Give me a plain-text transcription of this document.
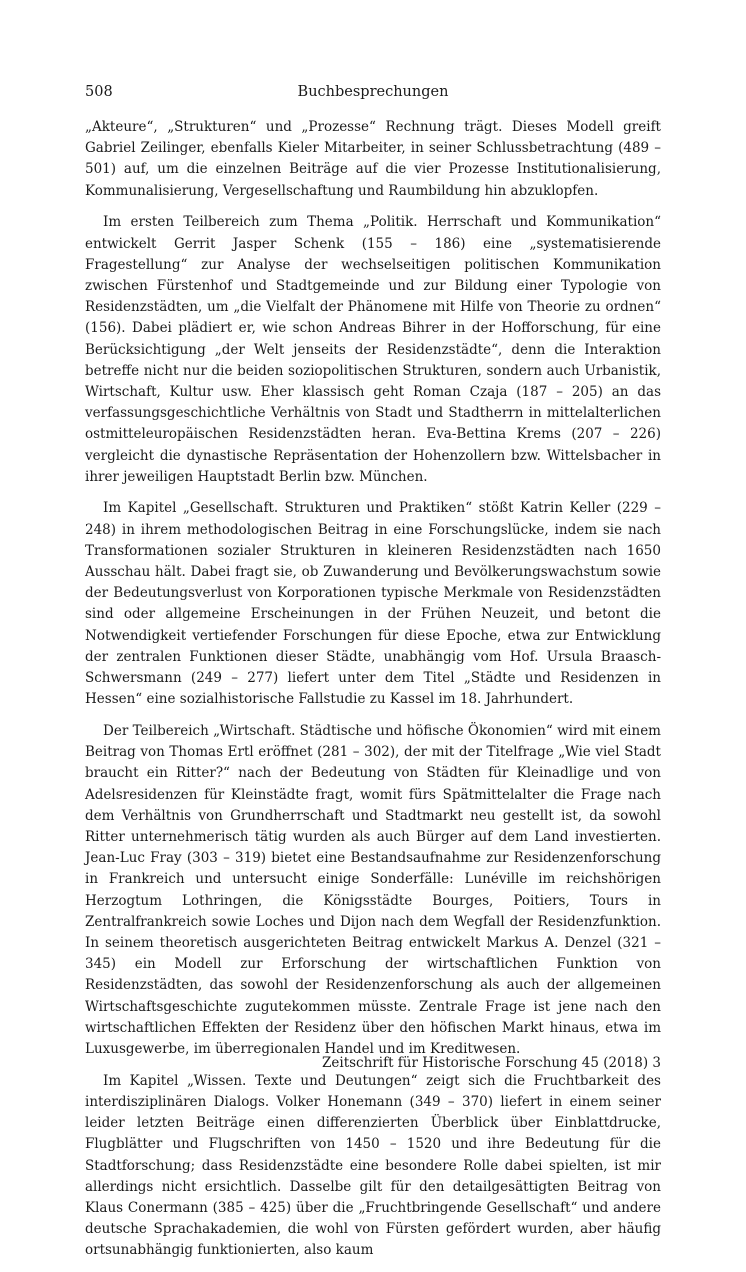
508	Buchbesprechungen

„Akteure“, „Strukturen“ und „Prozesse“ Rechnung trägt. Dieses Modell greift Gabriel Zeilinger, ebenfalls Kieler Mitarbeiter, in seiner Schlussbetrachtung (489 – 501) auf, um die einzelnen Beiträge auf die vier Prozesse Institutionalisierung, Kommunalisierung, Vergesellschaftung und Raumbildung hin abzuklopfen.

Im ersten Teilbereich zum Thema „Politik. Herrschaft und Kommunikation“ entwickelt Gerrit Jasper Schenk (155 – 186) eine „systematisierende Fragestellung“ zur Analyse der wechselseitigen politischen Kommunikation zwischen Fürstenhof und Stadtgemeinde und zur Bildung einer Typologie von Residenzstädten, um „die Vielfalt der Phänomene mit Hilfe von Theorie zu ordnen“ (156). Dabei plädiert er, wie schon Andreas Bihrer in der Hofforschung, für eine Berücksichtigung „der Welt jenseits der Residenzstädte“, denn die Interaktion betreffe nicht nur die beiden soziopolitischen Strukturen, sondern auch Urbanistik, Wirtschaft, Kultur usw. Eher klassisch geht Roman Czaja (187 – 205) an das verfassungsgeschichtliche Verhältnis von Stadt und Stadtherrn in mittelalterlichen ostmitteleuropäischen Residenzstädten heran. Eva-Bettina Krems (207 – 226) vergleicht die dynastische Repräsentation der Hohenzollern bzw. Wittelsbacher in ihrer jeweiligen Hauptstadt Berlin bzw. München.

Im Kapitel „Gesellschaft. Strukturen und Praktiken“ stößt Katrin Keller (229 – 248) in ihrem methodologischen Beitrag in eine Forschungslücke, indem sie nach Transformationen sozialer Strukturen in kleineren Residenzstädten nach 1650 Ausschau hält. Dabei fragt sie, ob Zuwanderung und Bevölkerungswachstum sowie der Bedeutungsverlust von Korporationen typische Merkmale von Residenzstädten sind oder allgemeine Erscheinungen in der Frühen Neuzeit, und betont die Notwendigkeit vertiefender Forschungen für diese Epoche, etwa zur Entwicklung der zentralen Funktionen dieser Städte, unabhängig vom Hof. Ursula Braasch-Schwersmann (249 – 277) liefert unter dem Titel „Städte und Residenzen in Hessen“ eine sozialhistorische Fallstudie zu Kassel im 18. Jahrhundert.

Der Teilbereich „Wirtschaft. Städtische und höfische Ökonomien“ wird mit einem Beitrag von Thomas Ertl eröffnet (281 – 302), der mit der Titelfrage „Wie viel Stadt braucht ein Ritter?“ nach der Bedeutung von Städten für Kleinadlige und von Adelsresidenzen für Kleinstädte fragt, womit fürs Spätmittelalter die Frage nach dem Verhältnis von Grundherrschaft und Stadtmarkt neu gestellt ist, da sowohl Ritter unternehmerisch tätig wurden als auch Bürger auf dem Land investierten. Jean-Luc Fray (303 – 319) bietet eine Bestandsaufnahme zur Residenzenforschung in Frankreich und untersucht einige Sonderfälle: Lunéville im reichshörigen Herzogtum Lothringen, die Königsstädte Bourges, Poitiers, Tours in Zentralfrankreich sowie Loches und Dijon nach dem Wegfall der Residenzfunktion. In seinem theoretisch ausgerichteten Beitrag entwickelt Markus A. Denzel (321 – 345) ein Modell zur Erforschung der wirtschaftlichen Funktion von Residenzstädten, das sowohl der Residenzenforschung als auch der allgemeinen Wirtschaftsgeschichte zugutekommen müsste. Zentrale Frage ist jene nach den wirtschaftlichen Effekten der Residenz über den höfischen Markt hinaus, etwa im Luxusgewerbe, im überregionalen Handel und im Kreditwesen.

Im Kapitel „Wissen. Texte und Deutungen“ zeigt sich die Fruchtbarkeit des interdisziplinären Dialogs. Volker Honemann (349 – 370) liefert in einem seiner leider letzten Beiträge einen differenzierten Überblick über Einblattdrucke, Flugblätter und Flugschriften von 1450 – 1520 und ihre Bedeutung für die Stadtforschung; dass Residenzstädte eine besondere Rolle dabei spielten, ist mir allerdings nicht ersichtlich. Dasselbe gilt für den detailgesättigten Beitrag von Klaus Conermann (385 – 425) über die „Fruchtbringende Gesellschaft“ und andere deutsche Sprachakademien, die wohl von Fürsten gefördert wurden, aber häufig ortsunabhängig funktionierten, also kaum

Zeitschrift für Historische Forschung 45 (2018) 3
